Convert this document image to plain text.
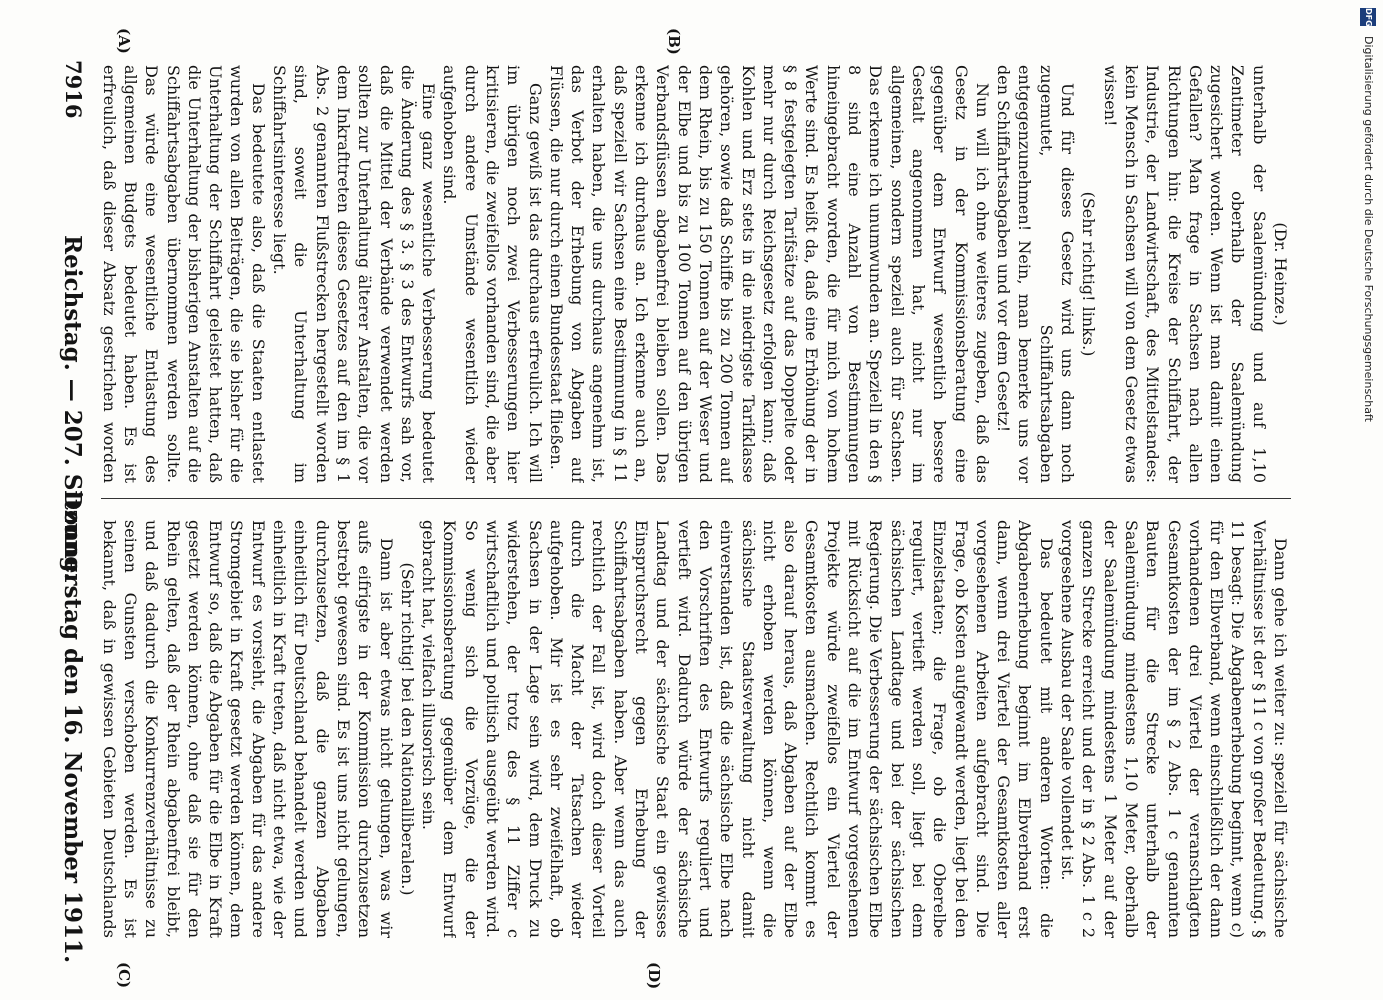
7916
Reichstag. — 207. Sitzung.
Donnerstag den 16. November 1911.
(A)	(B)
(C)	(D)

(Dr. Heinze.)

unterhalb der Saalemündung und auf 1,10 Zentimeter oberhalb der Saalemündung zugesichert worden. Wenn ist man damit einen Gefallen? Man frage in Sachsen nach allen Richtungen hin: die Kreise der Schiffahrt, der Industrie, der Landwirtschaft, des Mittelstandes: kein Mensch in Sachsen will von dem Gesetz etwas wissen!

(Sehr richtig! links.)

Und für dieses Gesetz wird uns dann noch zugemutet, Schiffahrtsabgaben entgegenzunehmen! Nein, man bemerke uns vor den Schiffahrtsabgaben und vor dem Gesetz!

Nun will ich ohne weiteres zugeben, daß das Gesetz in der Kommissionsberatung eine gegenüber dem Entwurf wesentlich bessere Gestalt angenommen hat, nicht nur im allgemeinen, sondern speziell auch für Sachsen. Das erkenne ich unumwunden an. Speziell in den § 8 sind eine Anzahl von Bestimmungen hineingebracht worden, die für mich von hohem Werte sind. Es heißt da, daß eine Erhöhung der in § 8 festgelegten Tarifsätze auf das Doppelte oder mehr nur durch Reichsgesetz erfolgen kann; daß Kohlen und Erz stets in die niedrigste Tarifklasse gehören, sowie daß Schiffe bis zu 200 Tonnen auf dem Rhein, bis zu 150 Tonnen auf der Weser und der Elbe und bis zu 100 Tonnen auf den übrigen Verbandsflüssen abgabenfrei bleiben sollen. Das erkenne ich durchaus an. Ich erkenne auch an, daß speziell wir Sachsen eine Bestimmung in § 11 erhalten haben, die uns durchaus angenehm ist, das Verbot der Erhebung von Abgaben auf Flüssen, die nur durch einen Bundesstaat fließen.

Ganz gewiß ist das durchaus erfreulich. Ich will im übrigen noch zwei Verbesserungen hier kritisieren, die zweifellos vorhanden sind, die aber durch andere Umstände wesentlich wieder aufgehoben sind.

Eine ganz wesentliche Verbesserung bedeutet die Änderung des § 3. § 3 des Entwurfs sah vor, daß die Mittel der Verbände verwendet werden sollten zur Unterhaltung älterer Anstalten, die vor dem Inkrafttreten dieses Gesetzes auf den im § 1 Abs. 2 genannten Flußstrecken hergestellt worden sind, soweit die Unterhaltung im Schiffahrtsinteresse liegt.

Das bedeutete also, daß die Staaten entlastet wurden von allen Beiträgen, die sie bisher für die Unterhaltung der Schiffahrt geleistet hatten, daß die Unterhaltung der bisherigen Anstalten auf die Schiffahrtsabgaben übernommen werden sollte. Das würde eine wesentliche Entlastung des allgemeinen Budgets bedeutet haben. Es ist erfreulich, daß dieser Absatz gestrichen worden

Dann gehe ich weiter zu: speziell für sächsische Verhältnisse ist der § 11 c von großer Bedeutung. § 11 besagt: Die Abgabenerhebung beginnt, wenn c) für den Elbverband, wenn einschließlich der dann vorhandenen drei Viertel der veranschlagten Gesamtkosten der im § 2 Abs. 1 c genannten Bauten für die Strecke unterhalb der Saalemündung mindestens 1,10 Meter, oberhalb der Saalemündung mindestens 1 Meter auf der ganzen Strecke erreicht und der in § 2 Abs. 1 c 2 vorgesehene Ausbau der Saale vollendet ist.

Das bedeutet mit anderen Worten: die Abgabenerhebung beginnt im Elbverband erst dann, wenn drei Viertel der Gesamtkosten aller vorgesehenen Arbeiten aufgebracht sind. Die Frage, ob Kosten aufgewandt werden, liegt bei den Einzelstaaten; die Frage, ob die Oberelbe reguliert, vertieft werden soll, liegt bei dem sächsischen Landtage und bei der sächsischen Regierung. Die Verbesserung der sächsischen Elbe mit Rücksicht auf die im Entwurf vorgesehenen Projekte würde zweifellos ein Viertel der Gesamtkosten ausmachen. Rechtlich kommt es also darauf heraus, daß Abgaben auf der Elbe nicht erhoben werden können, wenn die sächsische Staatsverwaltung nicht damit einverstanden ist, daß die sächsische Elbe nach den Vorschriften des Entwurfs reguliert und vertieft wird. Dadurch würde der sächsische Landtag und der sächsische Staat ein gewisses Einspruchsrecht gegen Erhebung der Schiffahrtsabgaben haben. Aber wenn das auch rechtlich der Fall ist, wird doch dieser Vorteil durch die Macht der Tatsachen wieder aufgehoben. Mir ist es sehr zweifelhaft, ob Sachsen in der Lage sein wird, dem Druck zu widerstehen, der trotz des § 11 Ziffer c wirtschaftlich und politisch ausgeübt werden wird. So wenig sich die Vorzüge, die der Kommissionsberatung gegenüber dem Entwurf gebracht hat, vielfach illusorisch sein.

(Sehr richtig! bei den Nationalliberalen.)

Dann ist aber etwas nicht gelungen, was wir aufs eifrigste in der Kommission durchzusetzen bestrebt gewesen sind. Es ist uns nicht gelungen, durchzusetzen, daß die ganzen Abgaben einheitlich für Deutschland behandelt werden und einheitlich in Kraft treten, daß nicht etwa, wie der Entwurf es vorsieht, die Abgaben für das andere Stromgebiet in Kraft gesetzt werden können, dem Entwurf so, daß die Abgaben für die Elbe in Kraft gesetzt werden können, ohne daß sie für den Rhein gelten, daß der Rhein abgabenfrei bleibt, und daß dadurch die Konkurrenzverhältnisse zu seinen Gunsten verschoben werden. Es ist bekannt, daß in gewissen Gebieten Deutschlands

DFG
Digitalisierung gefördert durch die Deutsche Forschungsgemeinschaft
